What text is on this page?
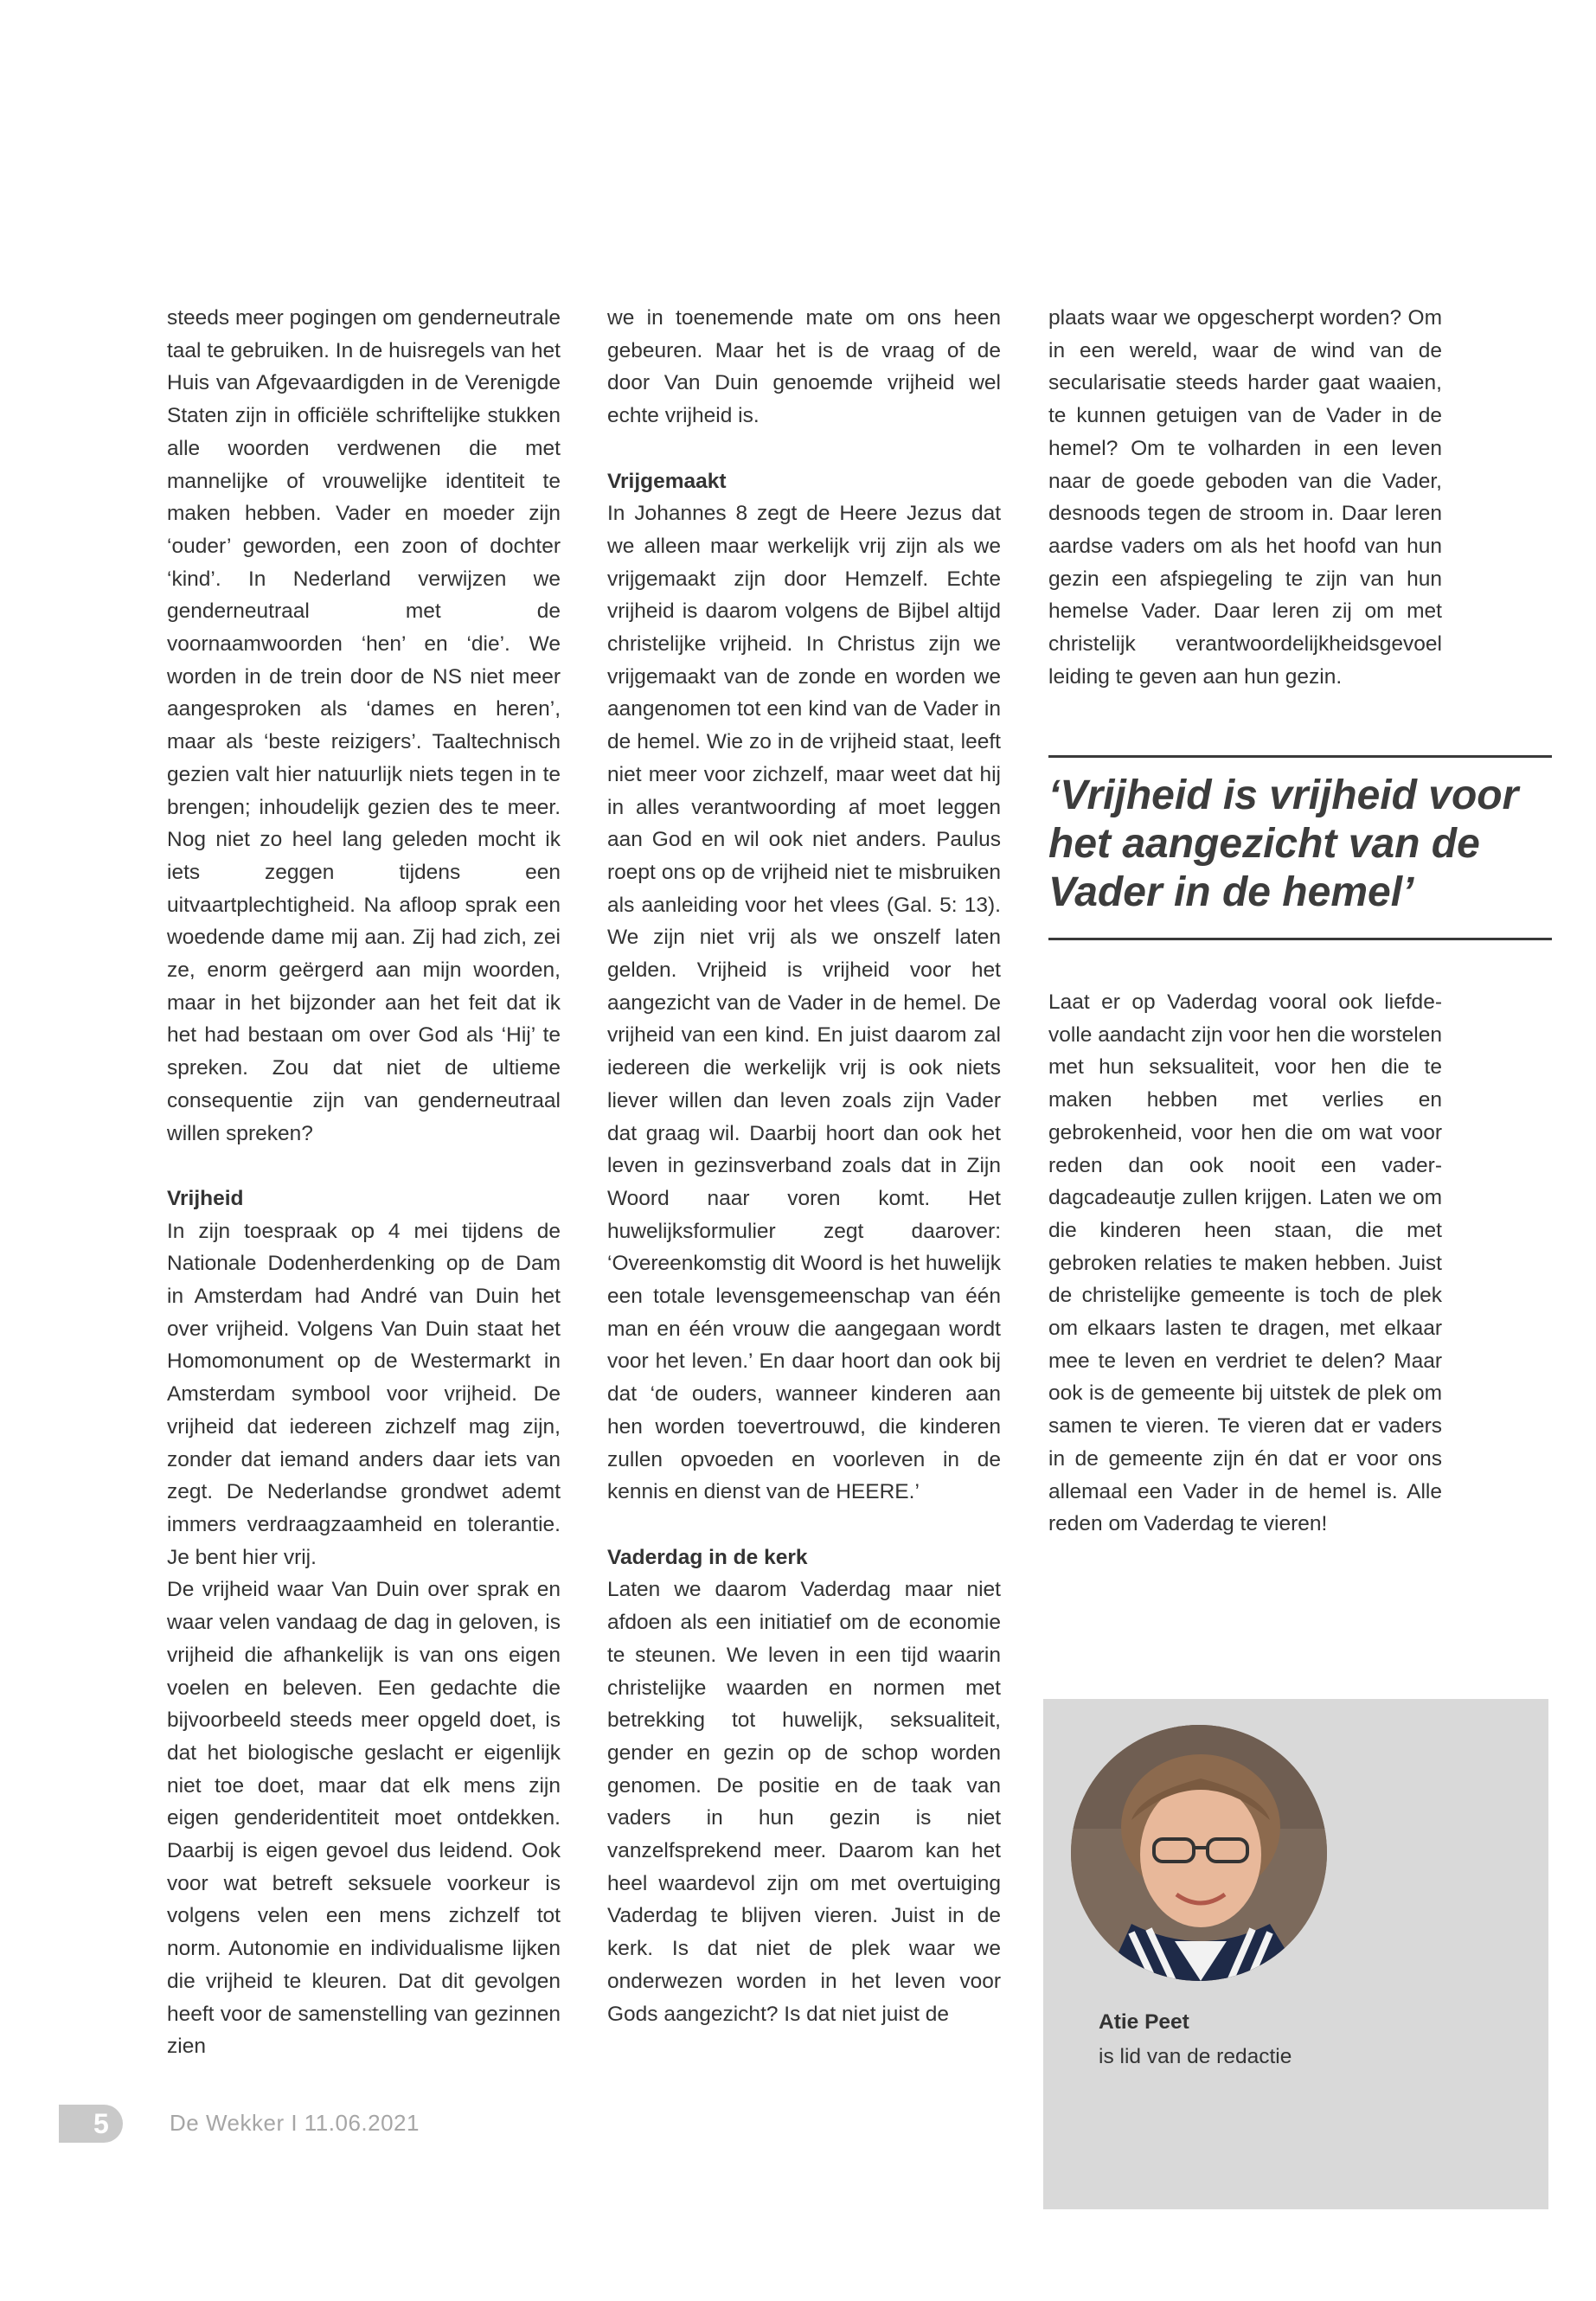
steeds meer pogingen om genderneutrale taal te gebruiken. In de huisregels van het Huis van Afgevaardigden in de Verenigde Staten zijn in officiële schriftelijke stukken alle woorden verdwenen die met mannelijke of vrouwelijke identiteit te maken hebben. Vader en moeder zijn ‘ouder’ geworden, een zoon of dochter ‘kind’. In Nederland verwijzen we genderneutraal met de voornaamwoorden ‘hen’ en ‘die’. We worden in de trein door de NS niet meer aangesproken als ‘dames en heren’, maar als ‘beste reizigers’. Taaltechnisch gezien valt hier natuurlijk niets tegen in te brengen; inhoudelijk gezien des te meer. Nog niet zo heel lang geleden mocht ik iets zeggen tijdens een uitvaartplechtigheid. Na afloop sprak een woedende dame mij aan. Zij had zich, zei ze, enorm geërgerd aan mijn woorden, maar in het bijzonder aan het feit dat ik het had bestaan om over God als ‘Hij’ te spreken. Zou dat niet de ultieme consequentie zijn van genderneutraal willen spreken?

Vrijheid

In zijn toespraak op 4 mei tijdens de Nationale Dodenherdenking op de Dam in Amsterdam had André van Duin het over vrijheid. Volgens Van Duin staat het Homomonument op de Westermarkt in Amsterdam symbool voor vrijheid. De vrijheid dat iedereen zichzelf mag zijn, zonder dat iemand anders daar iets van zegt. De Nederlandse grondwet ademt immers verdraagzaamheid en tolerantie. Je bent hier vrij.

De vrijheid waar Van Duin over sprak en waar velen vandaag de dag in geloven, is vrijheid die afhankelijk is van ons eigen voelen en beleven. Een gedachte die bijvoorbeeld steeds meer opgeld doet, is dat het biologische geslacht er eigenlijk niet toe doet, maar dat elk mens zijn eigen genderidentiteit moet ontdekken. Daarbij is eigen gevoel dus leidend. Ook voor wat betreft seksuele voorkeur is volgens velen een mens zichzelf tot norm. Autonomie en individualisme lijken die vrijheid te kleuren. Dat dit gevolgen heeft voor de samenstelling van gezinnen zien

we in toenemende mate om ons heen gebeuren. Maar het is de vraag of de door Van Duin genoemde vrijheid wel echte vrijheid is.

Vrijgemaakt

In Johannes 8 zegt de Heere Jezus dat we alleen maar werkelijk vrij zijn als we vrijgemaakt zijn door Hemzelf. Echte vrijheid is daarom volgens de Bijbel altijd christelijke vrijheid. In Christus zijn we vrijgemaakt van de zonde en worden we aangenomen tot een kind van de Vader in de hemel. Wie zo in de vrijheid staat, leeft niet meer voor zichzelf, maar weet dat hij in alles verantwoording af moet leggen aan God en wil ook niet anders. Paulus roept ons op de vrijheid niet te misbruiken als aanleiding voor het vlees (Gal. 5: 13). We zijn niet vrij als we onszelf laten gelden. Vrijheid is vrijheid voor het aangezicht van de Vader in de hemel. De vrijheid van een kind. En juist daarom zal iedereen die werkelijk vrij is ook niets liever willen dan leven zoals zijn Vader dat graag wil. Daarbij hoort dan ook het leven in gezinsverband zoals dat in Zijn Woord naar voren komt. Het huwelijksformulier zegt daarover: ‘Overeenkomstig dit Woord is het huwelijk een totale levensgemeenschap van één man en één vrouw die aangegaan wordt voor het leven.’ En daar hoort dan ook bij dat ‘de ouders, wanneer kinderen aan hen worden toevertrouwd, die kinderen zullen opvoeden en voorleven in de kennis en dienst van de HEERE.’

Vaderdag in de kerk

Laten we daarom Vaderdag maar niet afdoen als een initiatief om de economie te steunen. We leven in een tijd waarin christelijke waarden en normen met betrekking tot huwelijk, seksualiteit, gender en gezin op de schop worden genomen. De positie en de taak van vaders in hun gezin is niet vanzelfsprekend meer. Daarom kan het heel waardevol zijn om met overtuiging Vaderdag te blijven vieren. Juist in de kerk. Is dat niet de plek waar we onderwezen worden in het leven voor Gods aangezicht? Is dat niet juist de

plaats waar we opgescherpt worden? Om in een wereld, waar de wind van de secularisatie steeds harder gaat waaien, te kunnen getuigen van de Vader in de hemel? Om te volharden in een leven naar de goede geboden van die Vader, desnoods tegen de stroom in. Daar leren aardse vaders om als het hoofd van hun gezin een afspiegeling te zijn van hun hemelse Vader. Daar leren zij om met christelijk verantwoordelijkheidsgevoel leiding te geven aan hun gezin.

‘Vrijheid is vrijheid voor het aangezicht van de Vader in de hemel’

Laat er op Vaderdag vooral ook liefdevolle aandacht zijn voor hen die worstelen met hun seksualiteit, voor hen die te maken hebben met verlies en gebrokenheid, voor hen die om wat voor reden dan ook nooit een vaderdagcadeautje zullen krijgen. Laten we om die kinderen heen staan, die met gebroken relaties te maken hebben. Juist de christelijke gemeente is toch de plek om elkaars lasten te dragen, met elkaar mee te leven en verdriet te delen? Maar ook is de gemeente bij uitstek de plek om samen te vieren. Te vieren dat er vaders in de gemeente zijn én dat er voor ons allemaal een Vader in de hemel is. Alle reden om Vaderdag te vieren!

Atie Peet
is lid van de redactie
5	De Wekker I 11.06.2021
